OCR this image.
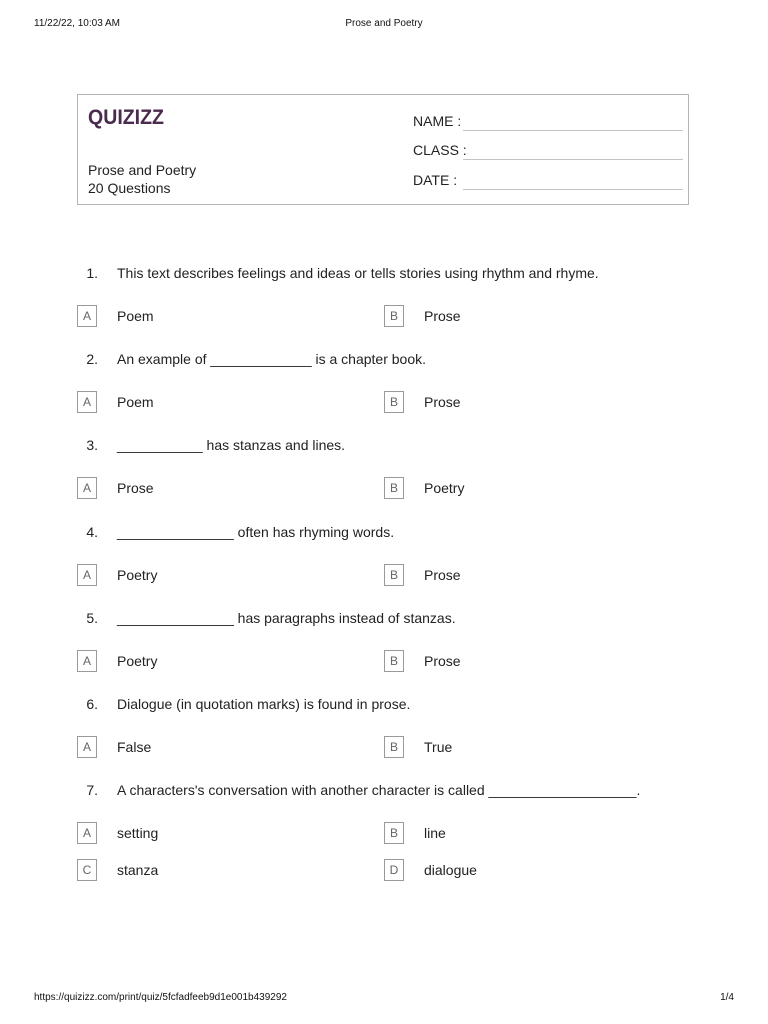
11/22/22, 10:03 AM	Prose and Poetry
QUIZIZZ
Prose and Poetry
20 Questions
NAME :
CLASS :
DATE :
1. This text describes feelings and ideas or tells stories using rhythm and rhyme.
A	Poem	B	Prose
2. An example of _____________ is a chapter book.
A	Poem	B	Prose
3. ___________ has stanzas and lines.
A	Prose	B	Poetry
4. _______________ often has rhyming words.
A	Poetry	B	Prose
5. _______________ has paragraphs instead of stanzas.
A	Poetry	B	Prose
6. Dialogue (in quotation marks) is found in prose.
A	False	B	True
7. A characters's conversation with another character is called ___________________.
A	setting	B	line
C	stanza	D	dialogue
https://quizizz.com/print/quiz/5fcfadfeeb9d1e001b439292	1/4
